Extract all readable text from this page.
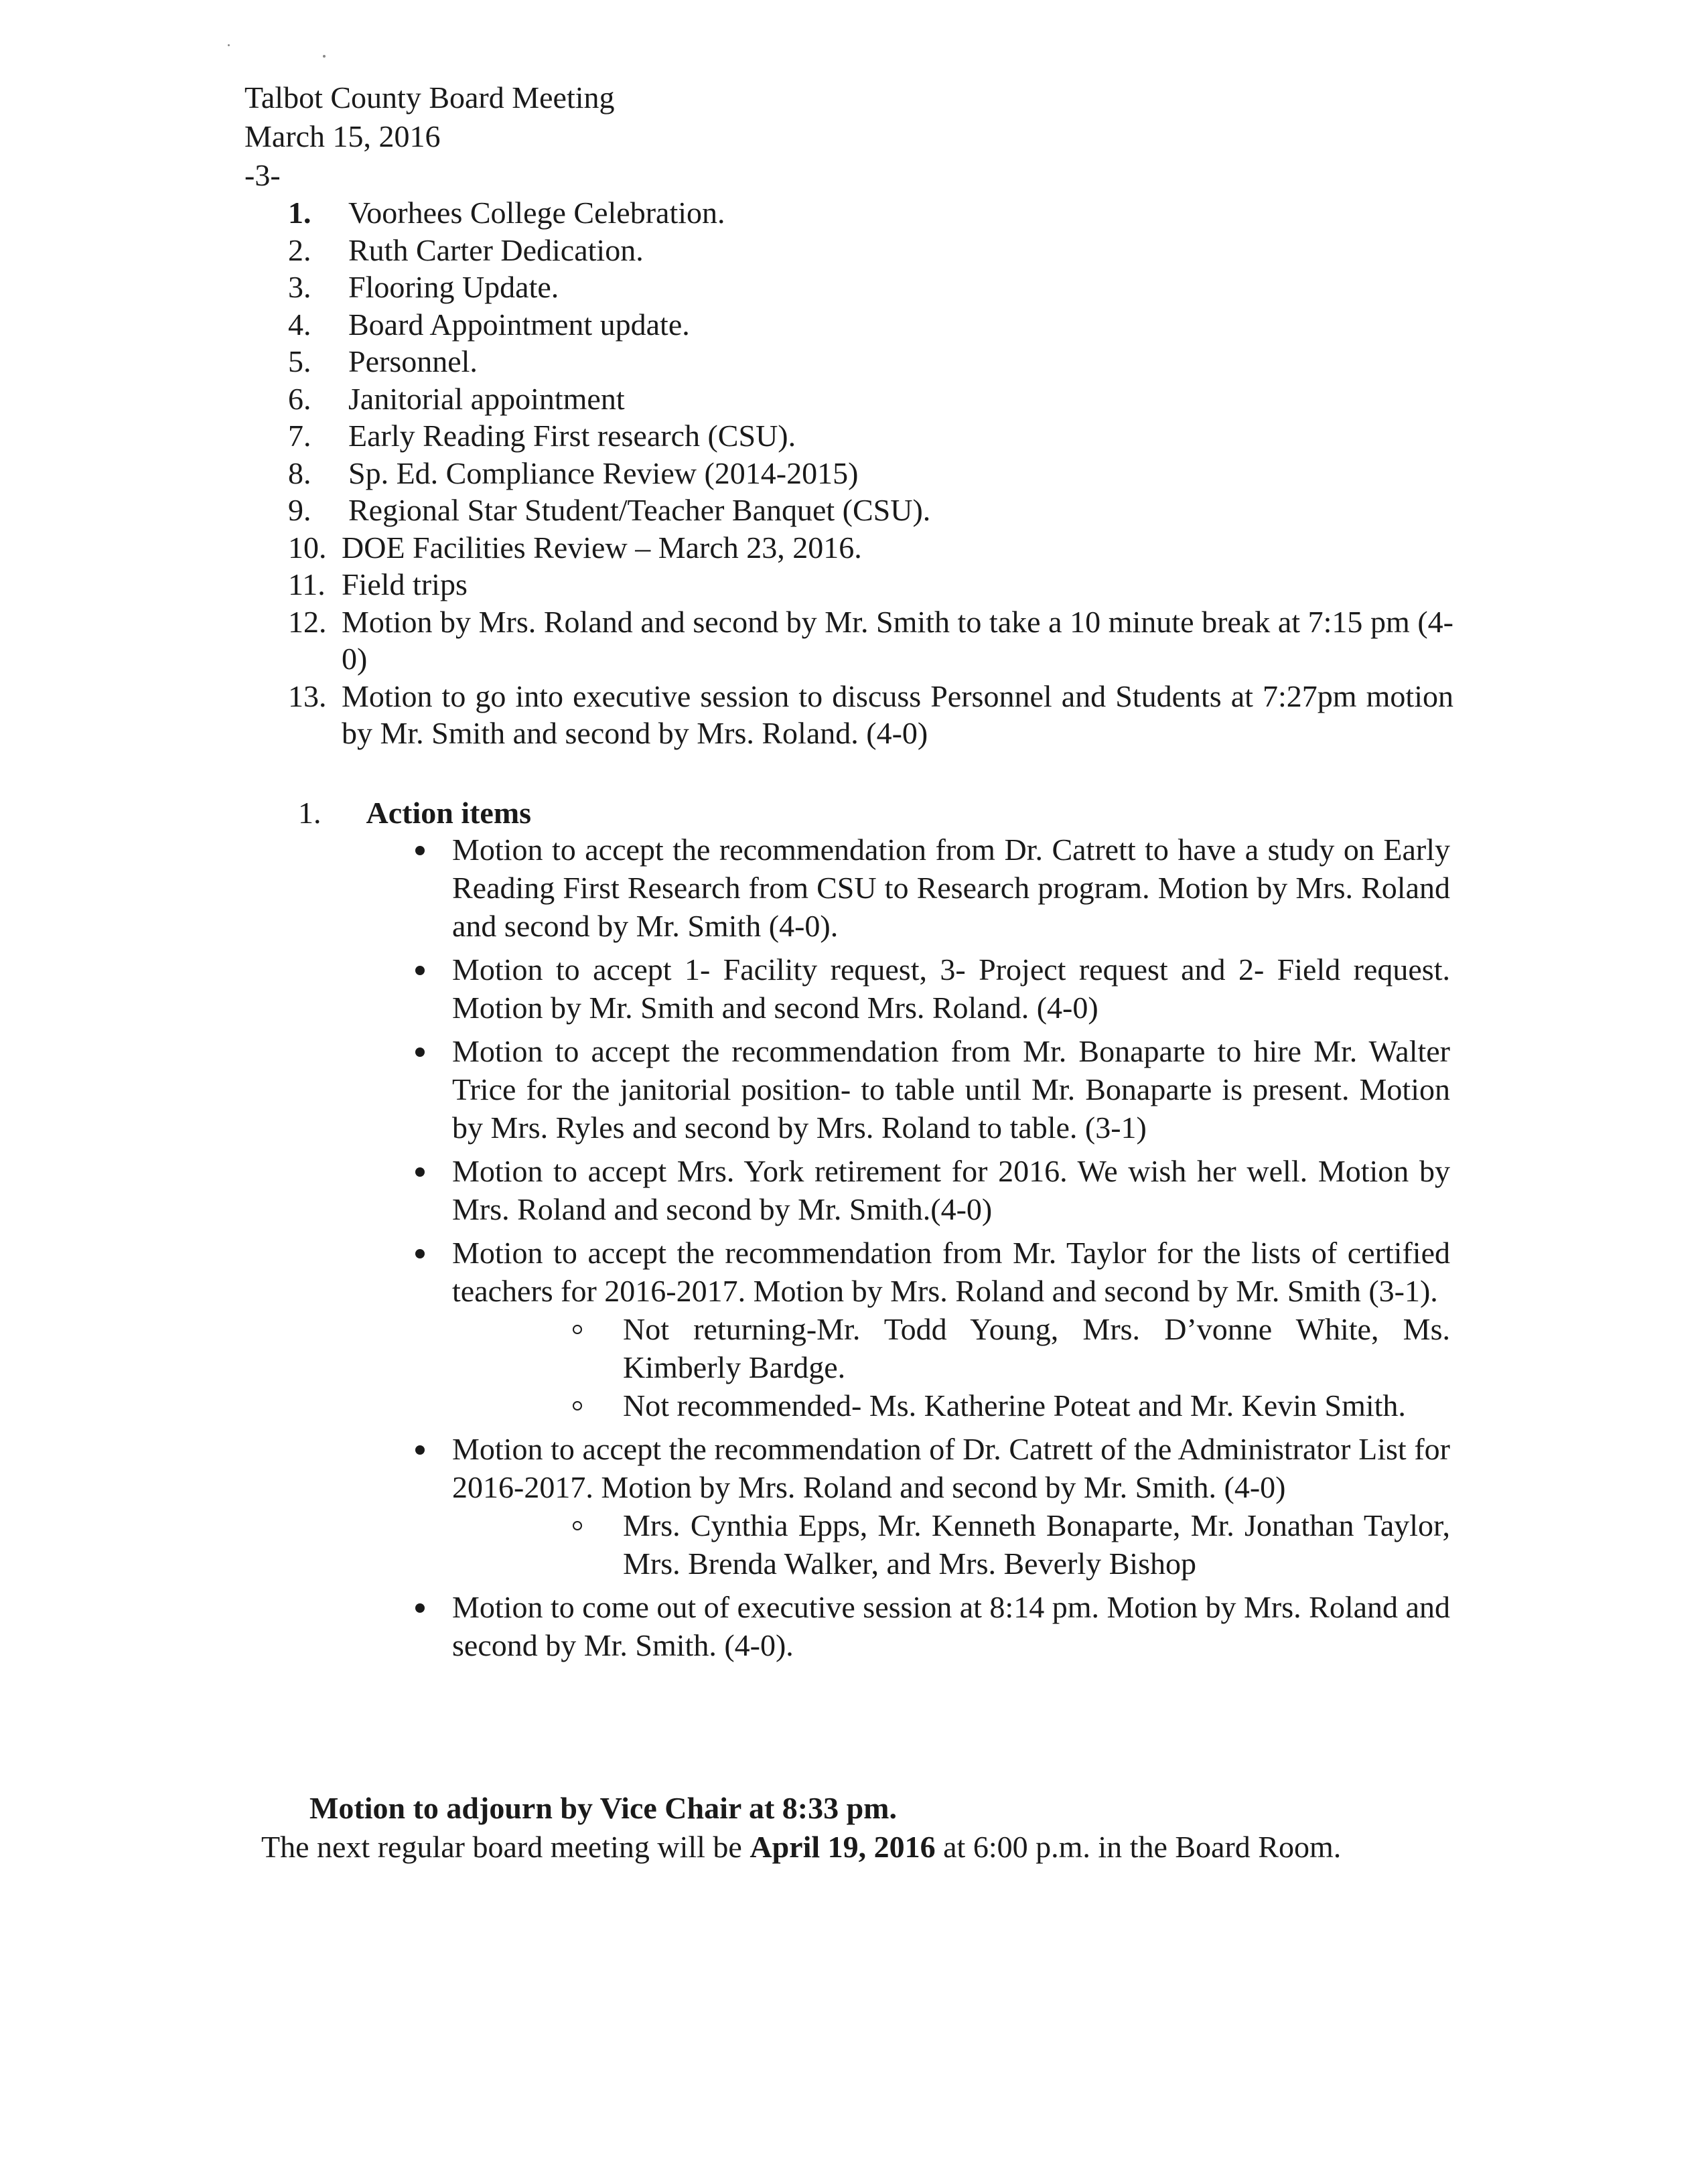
Talbot County Board Meeting
March 15, 2016
-3-
1.	Voorhees College Celebration.
2.	Ruth Carter Dedication.
3.	Flooring Update.
4.	Board Appointment update.
5.	Personnel.
6.	Janitorial appointment
7.	Early Reading First research (CSU).
8.	Sp. Ed. Compliance Review (2014-2015)
9.	Regional Star Student/Teacher Banquet (CSU).
10. DOE Facilities Review – March 23, 2016.
11. Field trips
12. Motion by Mrs. Roland and second by Mr. Smith to take a 10 minute break at 7:15 pm (4-0)
13. Motion to go into executive session to discuss Personnel and Students at 7:27pm motion by Mr. Smith and second by Mrs. Roland. (4-0)
1. Action items
Motion to accept the recommendation from Dr. Catrett to have a study on Early Reading First Research from CSU to Research program. Motion by Mrs. Roland and second by Mr. Smith (4-0).
Motion to accept 1- Facility request, 3- Project request and 2- Field request. Motion by Mr. Smith and second Mrs. Roland. (4-0)
Motion to accept the recommendation from Mr. Bonaparte to hire Mr. Walter Trice for the janitorial position- to table until Mr. Bonaparte is present. Motion by Mrs. Ryles and second by Mrs. Roland to table. (3-1)
Motion to accept Mrs. York retirement for 2016. We wish her well. Motion by Mrs. Roland and second by Mr. Smith.(4-0)
Motion to accept the recommendation from Mr. Taylor for the lists of certified teachers for 2016-2017. Motion by Mrs. Roland and second by Mr. Smith (3-1).
Not returning-Mr. Todd Young, Mrs. D’vonne White, Ms. Kimberly Bardge.
Not recommended- Ms. Katherine Poteat and Mr. Kevin Smith.
Motion to accept the recommendation of Dr. Catrett of the Administrator List for 2016-2017. Motion by Mrs. Roland and second by Mr. Smith. (4-0)
Mrs. Cynthia Epps, Mr. Kenneth Bonaparte, Mr. Jonathan Taylor, Mrs. Brenda Walker, and Mrs. Beverly Bishop
Motion to come out of executive session at 8:14 pm. Motion by Mrs. Roland and second by Mr. Smith. (4-0).
Motion to adjourn by Vice Chair at 8:33 pm.
The next regular board meeting will be April 19, 2016 at 6:00 p.m. in the Board Room.
